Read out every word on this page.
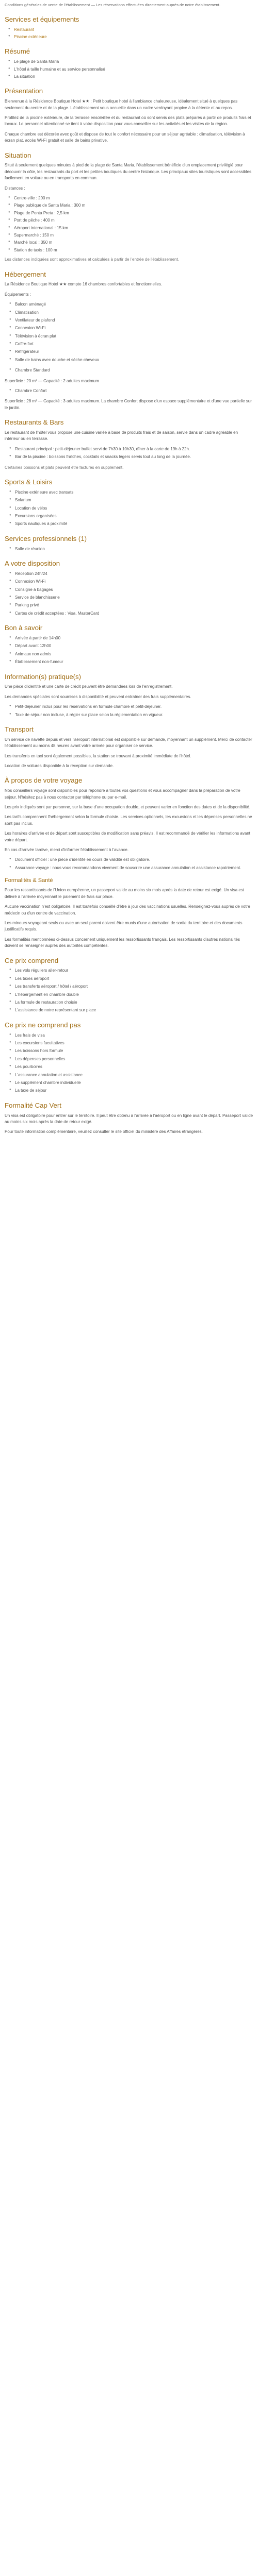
Conditions générales de vente de l'établissement — Les réservations effectuées directement auprès de notre établissement.

Services et équipements
● Restaurant
● Piscine extérieure
Résumé
● Le plage de Santa Maria
● L'hôtel à taille humaine et au service personnalisé
● La situation
Présentation

Bienvenue à la Résidence Boutique Hotel ★★ : Petit boutique hotel à l'ambiance chaleureuse, idéalement situé à quelques pas seulement du centre et de la plage. L'établissement vous accueille dans un cadre verdoyant propice à la détente et au repos.

Profitez de la piscine extérieure, de la terrasse ensoleillée et du restaurant où sont servis des plats préparés à partir de produits frais et locaux. Le personnel attentionné se tient à votre disposition pour vous conseiller sur les activités et les visites de la région.

Chaque chambre est décorée avec goût et dispose de tout le confort nécessaire pour un séjour agréable : climatisation, télévision à écran plat, accès Wi-Fi gratuit et salle de bains privative.

Situation

Situé à seulement quelques minutes à pied de la plage de Santa Maria, l'établissement bénéficie d'un emplacement privilégié pour découvrir la côte, les restaurants du port et les petites boutiques du centre historique. Les principaux sites touristiques sont accessibles facilement en voiture ou en transports en commun.

Distances :

● Centre-ville : 200 m
● Plage publique de Santa Maria : 300 m
● Plage de Ponta Preta : 2,5 km
● Port de pêche : 400 m
● Aéroport international : 15 km
● Supermarché : 150 m
● Marché local : 350 m
● Station de taxis : 100 m

Les distances indiquées sont approximatives et calculées à partir de l'entrée de l'établissement.

Hébergement

La Résidence Boutique Hotel ★★ compte 16 chambres confortables et fonctionnelles.

Équipements :

● Balcon aménagé
● Climatisation
● Ventilateur de plafond
● Connexion Wi-Fi
● Télévision à écran plat
● Coffre-fort
● Réfrigérateur
● Salle de bains avec douche et sèche-cheveux
● Chambre Standard

Superficie : 20 m² — Capacité : 2 adultes maximum

● Chambre Confort

Superficie : 28 m² — Capacité : 3 adultes maximum. La chambre Confort dispose d'un espace supplémentaire et d'une vue partielle sur le jardin.

Restaurants & Bars

Le restaurant de l'hôtel vous propose une cuisine variée à base de produits frais et de saison, servie dans un cadre agréable en intérieur ou en terrasse.

● Restaurant principal : petit-déjeuner buffet servi de 7h30 à 10h30, dîner à la carte de 19h à 22h.
● Bar de la piscine : boissons fraîches, cocktails et snacks légers servis tout au long de la journée.

Certaines boissons et plats peuvent être facturés en supplément.

Sports & Loisirs
● Piscine extérieure avec transats
● Solarium
● Location de vélos
● Excursions organisées
● Sports nautiques à proximité
Services professionnels (1)
● Salle de réunion
A votre disposition
● Réception 24h/24
● Connexion Wi-Fi
● Consigne à bagages
● Service de blanchisserie
● Parking privé
● Cartes de crédit acceptées : Visa, MasterCard
Bon à savoir
● Arrivée à partir de 14h00
● Départ avant 12h00
● Animaux non admis
● Établissement non-fumeur
Information(s) pratique(s)

Une pièce d'identité et une carte de crédit peuvent être demandées lors de l'enregistrement.

Les demandes spéciales sont soumises à disponibilité et peuvent entraîner des frais supplémentaires.

● Petit-déjeuner inclus pour les réservations en formule chambre et petit-déjeuner.
● Taxe de séjour non incluse, à régler sur place selon la réglementation en vigueur.
Transport

Un service de navette depuis et vers l'aéroport international est disponible sur demande, moyennant un supplément. Merci de contacter l'établissement au moins 48 heures avant votre arrivée pour organiser ce service.

Les transferts en taxi sont également possibles, la station se trouvant à proximité immédiate de l'hôtel.

Location de voitures disponible à la réception sur demande.

À propos de votre voyage

Nos conseillers voyage sont disponibles pour répondre à toutes vos questions et vous accompagner dans la préparation de votre séjour. N'hésitez pas à nous contacter par téléphone ou par e-mail.

Les prix indiqués sont par personne, sur la base d'une occupation double, et peuvent varier en fonction des dates et de la disponibilité.

Les tarifs comprennent l'hébergement selon la formule choisie. Les services optionnels, les excursions et les dépenses personnelles ne sont pas inclus.

Les horaires d'arrivée et de départ sont susceptibles de modification sans préavis. Il est recommandé de vérifier les informations avant votre départ.

En cas d'arrivée tardive, merci d'informer l'établissement à l'avance.

● Document officiel : une pièce d'identité en cours de validité est obligatoire.
● Assurance voyage : nous vous recommandons vivement de souscrire une assurance annulation et assistance rapatriement.
Formalités & Santé

Pour les ressortissants de l'Union européenne, un passeport valide au moins six mois après la date de retour est exigé. Un visa est délivré à l'arrivée moyennant le paiement de frais sur place.

Aucune vaccination n'est obligatoire. Il est toutefois conseillé d'être à jour des vaccinations usuelles. Renseignez-vous auprès de votre médecin ou d'un centre de vaccination.

Les mineurs voyageant seuls ou avec un seul parent doivent être munis d'une autorisation de sortie du territoire et des documents justificatifs requis.

Les formalités mentionnées ci-dessus concernent uniquement les ressortissants français. Les ressortissants d'autres nationalités doivent se renseigner auprès des autorités compétentes.

Ce prix comprend
● Les vols réguliers aller-retour
● Les taxes aéroport
● Les transferts aéroport / hôtel / aéroport
● L'hébergement en chambre double
● La formule de restauration choisie
● L'assistance de notre représentant sur place
Ce prix ne comprend pas
● Les frais de visa
● Les excursions facultatives
● Les boissons hors formule
● Les dépenses personnelles
● Les pourboires
● L'assurance annulation et assistance
● Le supplément chambre individuelle
● La taxe de séjour
Formalité Cap Vert

Un visa est obligatoire pour entrer sur le territoire. Il peut être obtenu à l'arrivée à l'aéroport ou en ligne avant le départ. Passeport valide au moins six mois après la date de retour exigé.

Pour toute information complémentaire, veuillez consulter le site officiel du ministère des Affaires étrangères.
